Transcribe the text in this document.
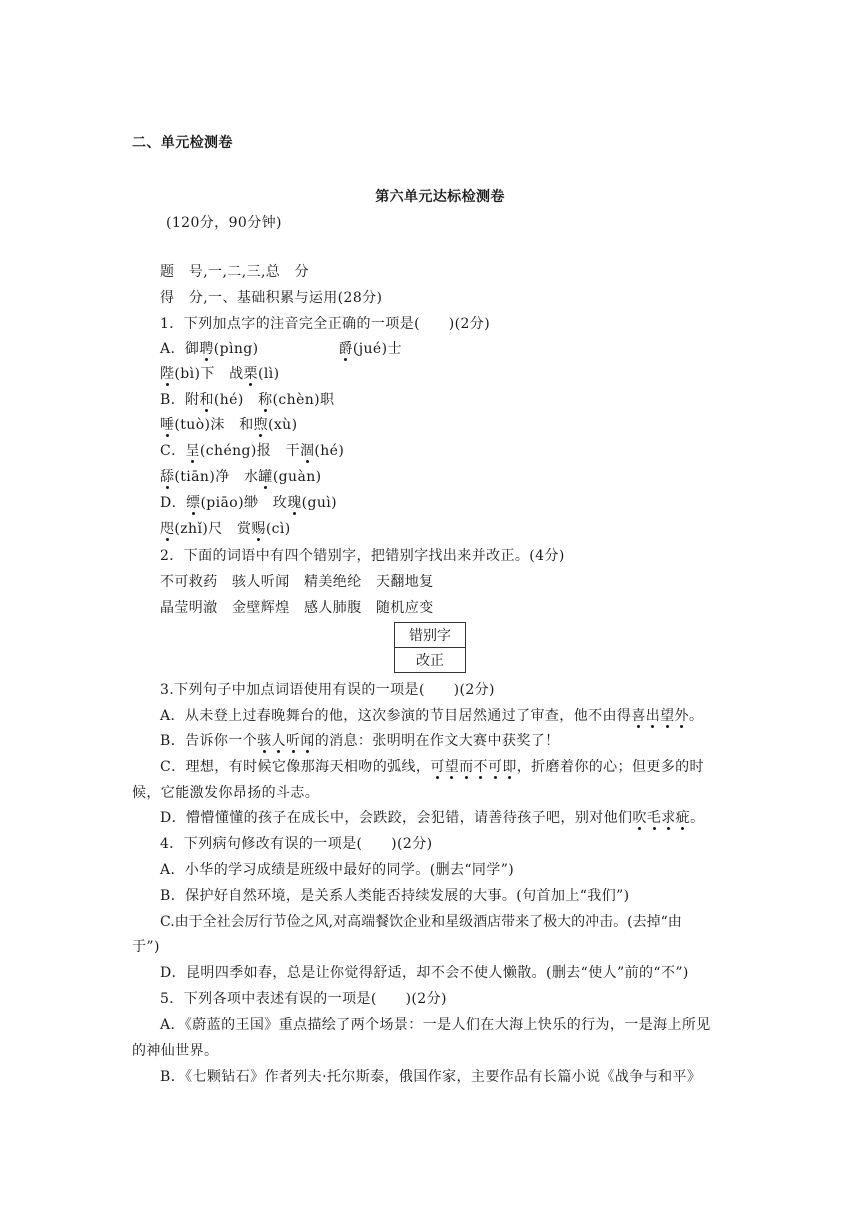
二、单元检测卷
第六单元达标检测卷
(120分，90分钟)
题　号,一,二,三,总　分
得　分,一、基础积累与运用(28分)
1．下列加点字的注音完全正确的一项是(　　)(2分)
A．御聘(pìng)	爵(jué)士
陛(bì)下　战栗(lì)
B．附和(hé)　称(chèn)职
唾(tuò)沫　和煦(xù)
C．呈(chéng)报　干涸(hé)
舔(tiān)净　水罐(guàn)
D．缥(piāo)缈　玫瑰(guì)
咫(zhǐ)尺　赏赐(cì)
2．下面的词语中有四个错别字，把错别字找出来并改正。(4分)
不可救药　骇人听闻　精美绝纶　天翻地复
晶莹明澈　金壁辉煌　感人肺腹　随机应变
错别字
改正
3.下列句子中加点词语使用有误的一项是(　　)(2分)
A．从未登上过春晚舞台的他，这次参演的节目居然通过了审查，他不由得喜出望外。
B．告诉你一个骇人听闻的消息：张明明在作文大赛中获奖了！
C．理想，有时候它像那海天相吻的弧线，可望而不可即，折磨着你的心；但更多的时
候，它能激发你昂扬的斗志。
D．懵懵懂懂的孩子在成长中，会跌跤，会犯错，请善待孩子吧，别对他们吹毛求疵。
4．下列病句修改有误的一项是(　　)(2分)
A．小华的学习成绩是班级中最好的同学。(删去“同学”)
B．保护好自然环境，是关系人类能否持续发展的大事。(句首加上“我们”)
C.由于全社会厉行节俭之风,对高端餐饮企业和星级酒店带来了极大的冲击。(去掉“由
于”)
D．昆明四季如春，总是让你觉得舒适，却不会不使人懒散。(删去“使人”前的“不”)
5．下列各项中表述有误的一项是(　　)(2分)
A．《蔚蓝的王国》重点描绘了两个场景：一是人们在大海上快乐的行为，一是海上所见
的神仙世界。
B．《七颗钻石》作者列夫·托尔斯泰，俄国作家，主要作品有长篇小说《战争与和平》
